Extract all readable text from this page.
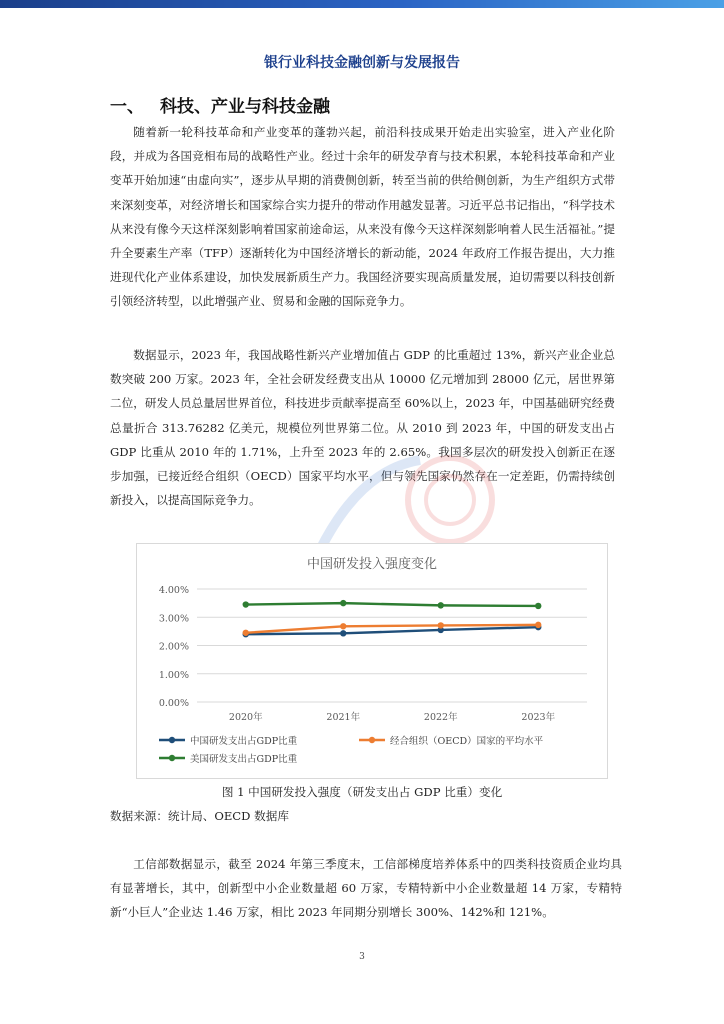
银行业科技金融创新与发展报告
一、 科技、产业与科技金融

随着新一轮科技革命和产业变革的蓬勃兴起，前沿科技成果开始走出实验室，进入产业化阶段，并成为各国竞相布局的战略性产业。经过十余年的研发孕育与技术积累，本轮科技革命和产业变革开始加速“由虚向实”，逐步从早期的消费侧创新，转至当前的供给侧创新，为生产组织方式带来深刻变革，对经济增长和国家综合实力提升的带动作用越发显著。习近平总书记指出，“科学技术从来没有像今天这样深刻影响着国家前途命运，从来没有像今天这样深刻影响着人民生活福祉。”提升全要素生产率（TFP）逐渐转化为中国经济增长的新动能，2024 年政府工作报告提出，大力推进现代化产业体系建设，加快发展新质生产力。我国经济要实现高质量发展，迫切需要以科技创新引领经济转型，以此增强产业、贸易和金融的国际竞争力。

数据显示，2023 年，我国战略性新兴产业增加值占 GDP 的比重超过 13%，新兴产业企业总数突破 200 万家。2023 年，全社会研发经费支出从 10000 亿元增加到 28000 亿元，居世界第二位，研发人员总量居世界首位，科技进步贡献率提高至 60%以上，2023 年，中国基础研究经费总量折合 313.76282 亿美元，规模位列世界第二位。从 2010 到 2023 年，中国的研发支出占 GDP 比重从 2010 年的 1.71%，上升至 2023 年的 2.65%。我国多层次的研发投入创新正在逐步加强，已接近经合组织（OECD）国家平均水平，但与领先国家仍然存在一定差距，仍需持续创新投入，以提高国际竞争力。

中国研发投入强度变化
0.00%
1.00%
2.00%
3.00%
4.00%
2020年	2021年	2022年	2023年
中国研发支出占GDP比重	经合组织（OECD）国家的平均水平
美国研发支出占GDP比重
图 1 中国研发投入强度（研发支出占 GDP 比重）变化
数据来源：统计局、OECD 数据库

工信部数据显示，截至 2024 年第三季度末，工信部梯度培养体系中的四类科技资质企业均具有显著增长，其中，创新型中小企业数量超 60 万家，专精特新中小企业数量超 14 万家，专精特新“小巨人”企业达 1.46 万家，相比 2023 年同期分别增长 300%、142%和 121%。

3
